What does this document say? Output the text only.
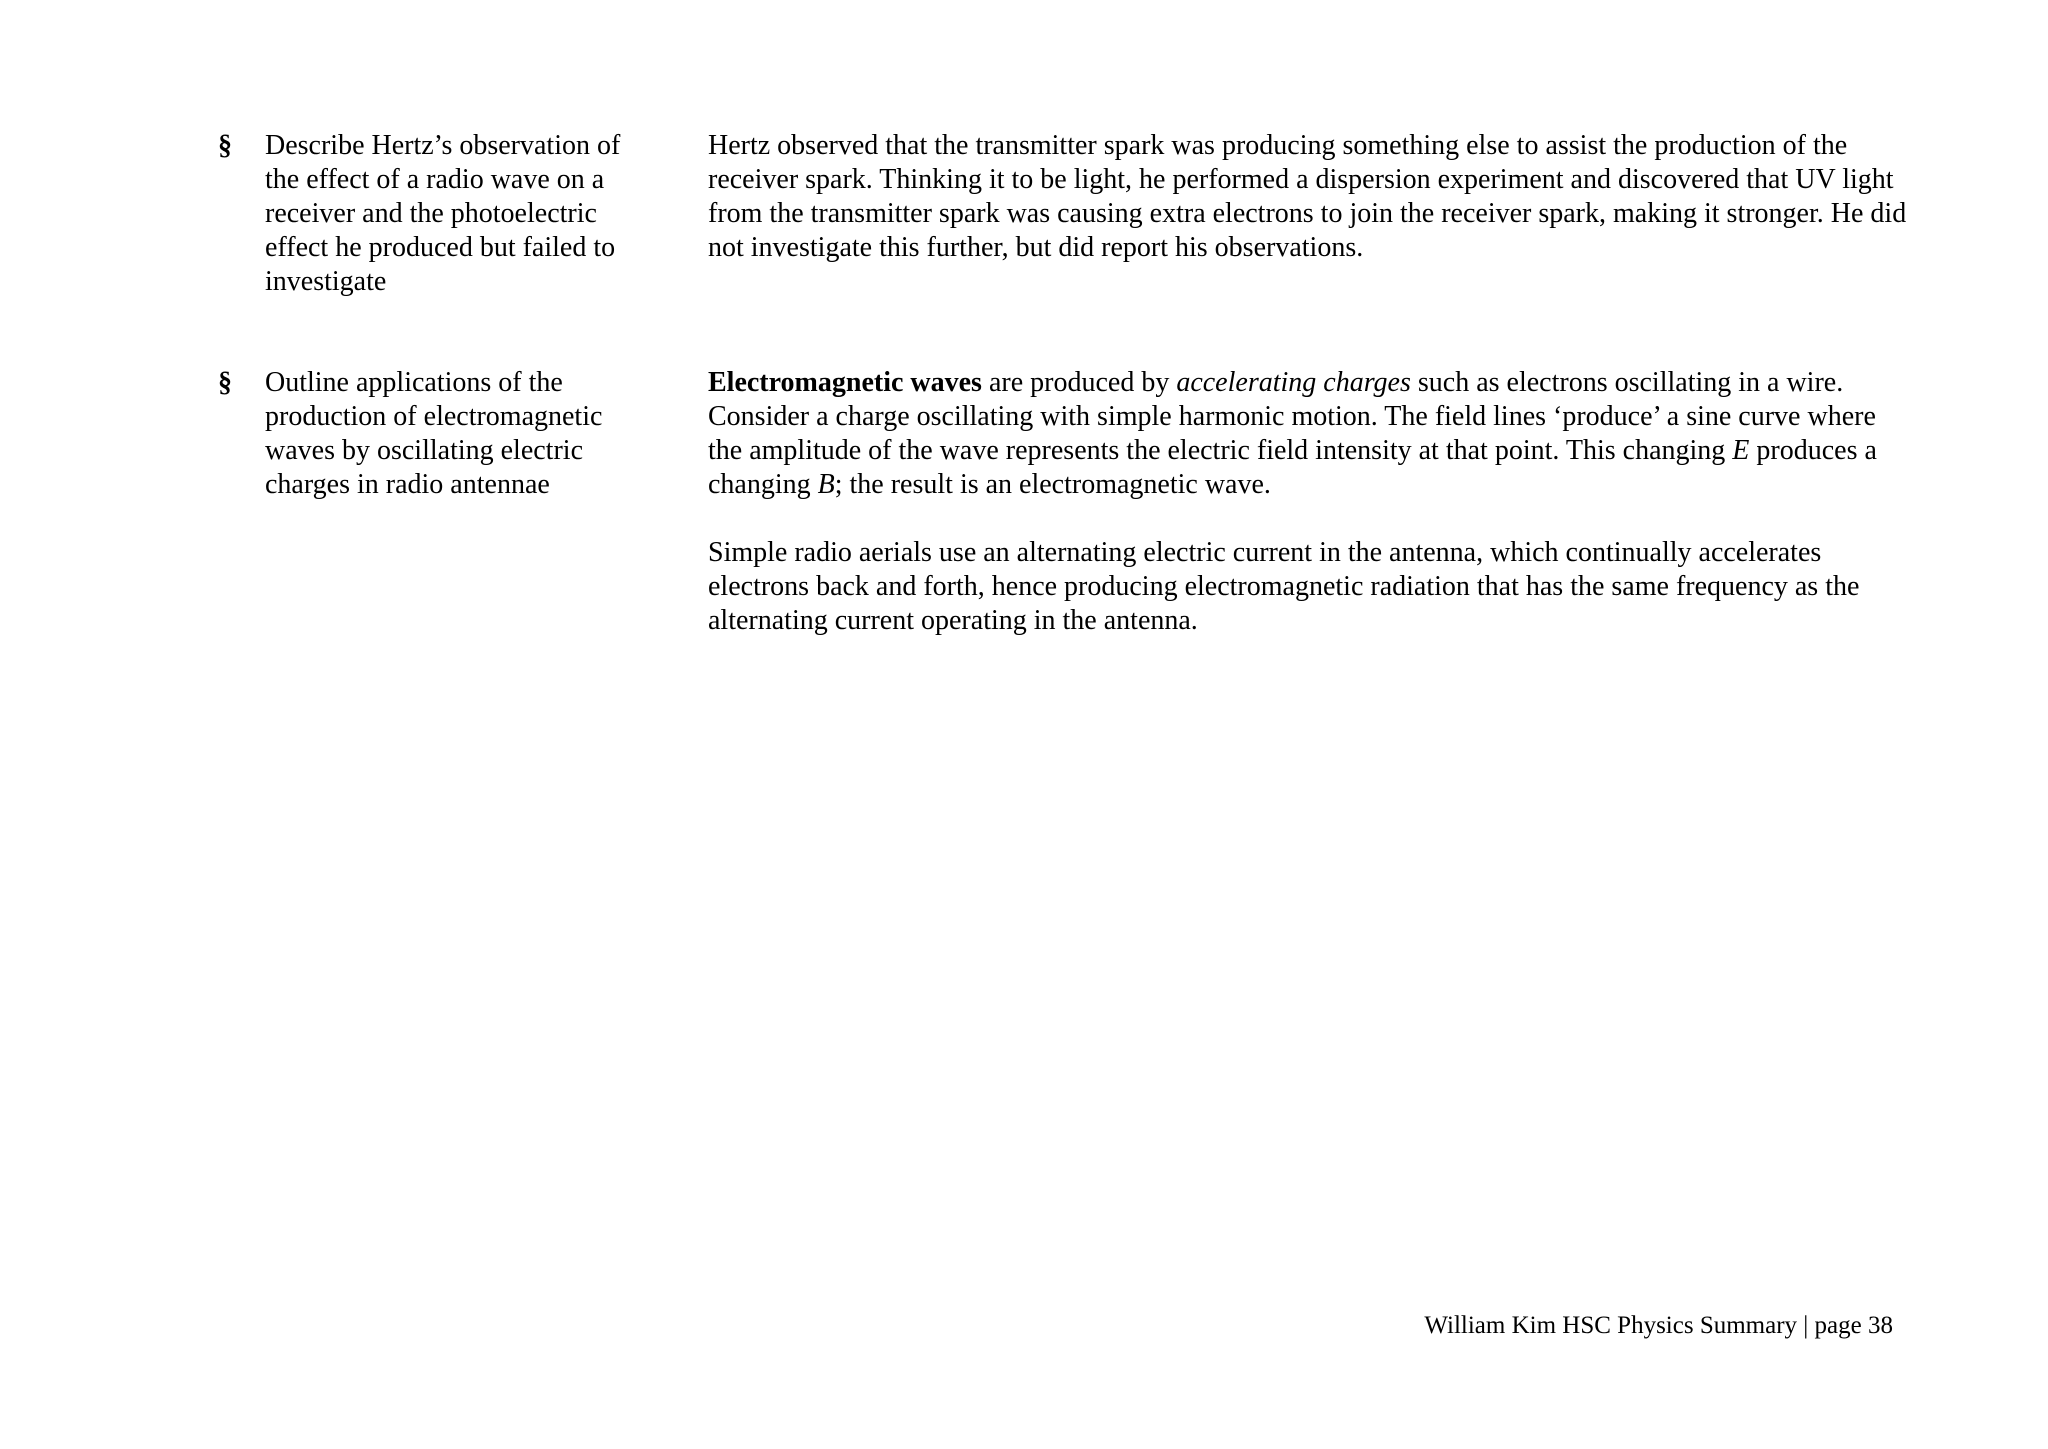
§ Describe Hertz’s observation of the effect of a radio wave on a receiver and the photoelectric effect he produced but failed to investigate

Hertz observed that the transmitter spark was producing something else to assist the production of the receiver spark. Thinking it to be light, he performed a dispersion experiment and discovered that UV light from the transmitter spark was causing extra electrons to join the receiver spark, making it stronger. He did not investigate this further, but did report his observations.

§ Outline applications of the production of electromagnetic waves by oscillating electric charges in radio antennae

Electromagnetic waves are produced by accelerating charges such as electrons oscillating in a wire. Consider a charge oscillating with simple harmonic motion. The field lines ‘produce’ a sine curve where the amplitude of the wave represents the electric field intensity at that point. This changing E produces a changing B; the result is an electromagnetic wave.

Simple radio aerials use an alternating electric current in the antenna, which continually accelerates electrons back and forth, hence producing electromagnetic radiation that has the same frequency as the alternating current operating in the antenna.

William Kim HSC Physics Summary | page 38
